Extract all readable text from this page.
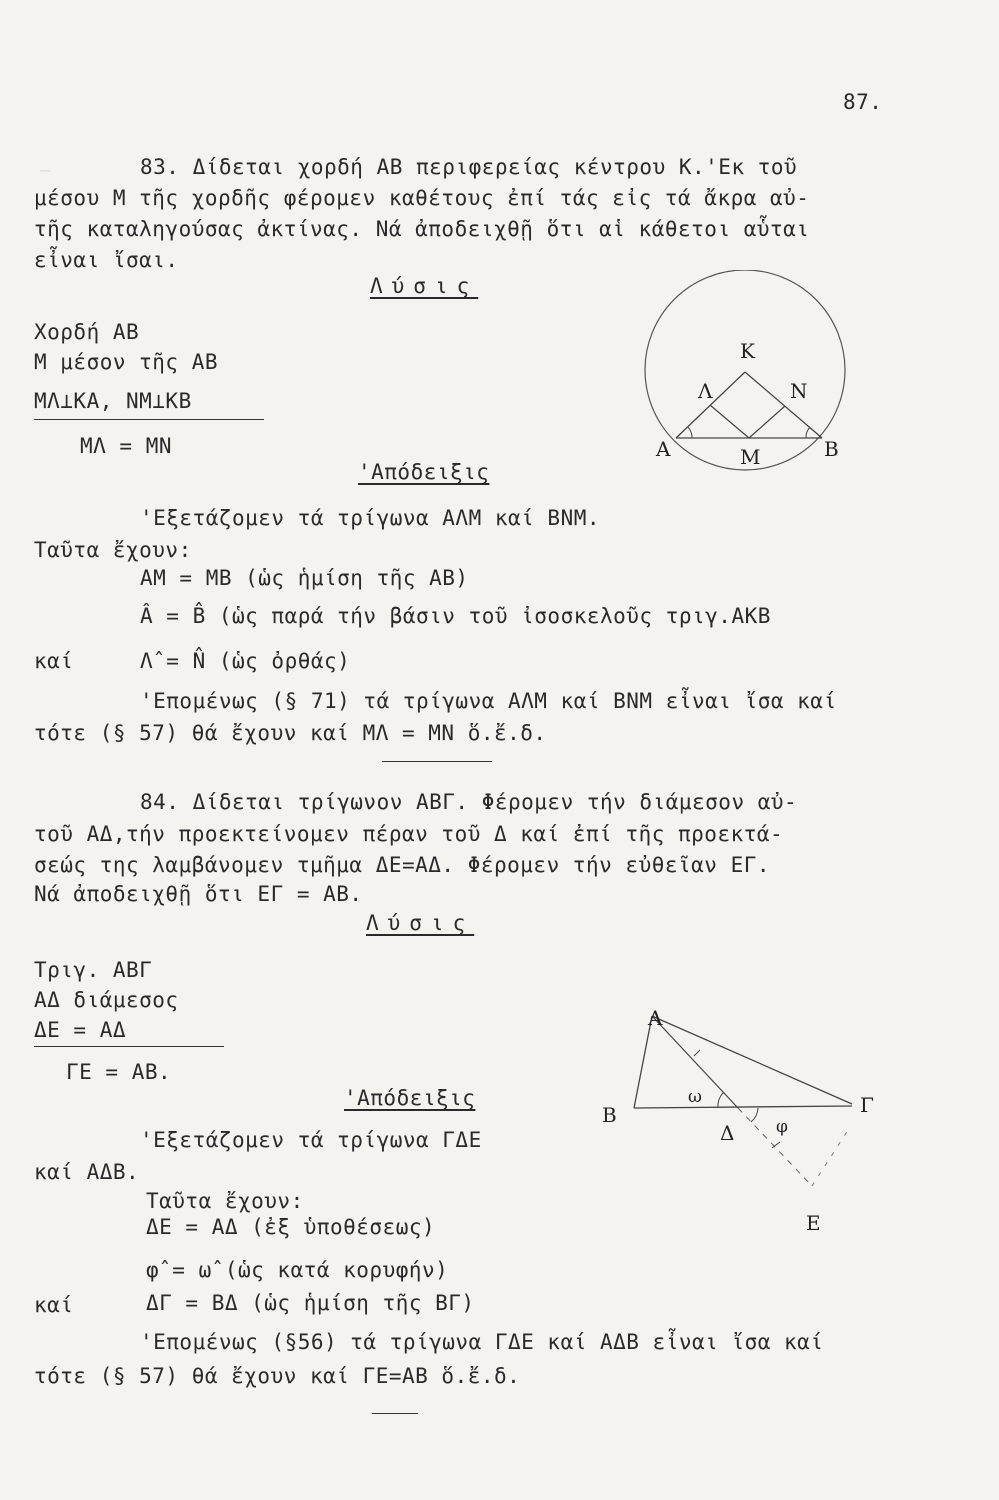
—
87.
83. Δίδεται χορδή ΑΒ περιφερείας κέντρου Κ.'Εκ τοῦ
μέσου Μ τῆς χορδῆς φέρομεν καθέτους ἐπί τάς εἰς τά ἄκρα αὐ-
τῆς καταληγούσας ἀκτίνας. Νά ἀποδειχθῇ ὅτι αἱ κάθετοι αὗται
εἶναι ἴσαι.
Λύσις
Χορδή ΑΒ
Μ μέσον τῆς ΑΒ
ΜΛ⊥ΚΑ, ΝΜ⊥ΚΒ
ΜΛ = ΜΝ
'Απόδειξις
'Εξετάζομεν τά τρίγωνα ΑΛΜ καί ΒΝΜ.
Ταῦτα ἔχουν:
ΑΜ = ΜΒ (ὡς ἡμίση τῆς ΑΒ)
Â = B̂ (ὡς παρά τήν βάσιν τοῦ ἰσοσκελοῦς τριγ.ΑΚΒ
καί	Λ̂ = N̂ (ὡς ὀρθάς)
'Επομένως (§ 71) τά τρίγωνα ΑΛΜ καί ΒΝΜ εἶναι ἴσα καί
τότε (§ 57) θά ἔχουν καί ΜΛ = ΜΝ ὅ.ἔ.δ.
K
Λ	N
A	M	B
84. Δίδεται τρίγωνον ΑΒΓ. Φέρομεν τήν διάμεσον αὐ-
τοῦ ΑΔ,τήν προεκτείνομεν πέραν τοῦ Δ καί ἐπί τῆς προεκτά-
σεώς της λαμβάνομεν τμῆμα ΔΕ=ΑΔ. Φέρομεν τήν εὐθεῖαν ΕΓ.
Νά ἀποδειχθῇ ὅτι ΕΓ = ΑΒ.
Λύσις
Τριγ. ΑΒΓ
ΑΔ διάμεσος
ΔΕ = ΑΔ
ΓΕ = ΑΒ.
'Απόδειξις
'Εξετάζομεν τά τρίγωνα ΓΔΕ
καί ΑΔΒ.
Ταῦτα ἔχουν:
ΔΕ = ΑΔ (ἐξ ὑποθέσεως)
φ̂ = ω̂ (ὡς κατά κορυφήν)
καί	ΔΓ = ΒΔ (ὡς ἡμίση τῆς ΒΓ)
'Επομένως (§56) τά τρίγωνα ΓΔΕ καί ΑΔΒ εἶναι ἴσα καί
τότε (§ 57) θά ἔχουν καί ΓΕ=ΑΒ ὅ.ἔ.δ.
A
B	Γ
Δ
E
ω
φ
